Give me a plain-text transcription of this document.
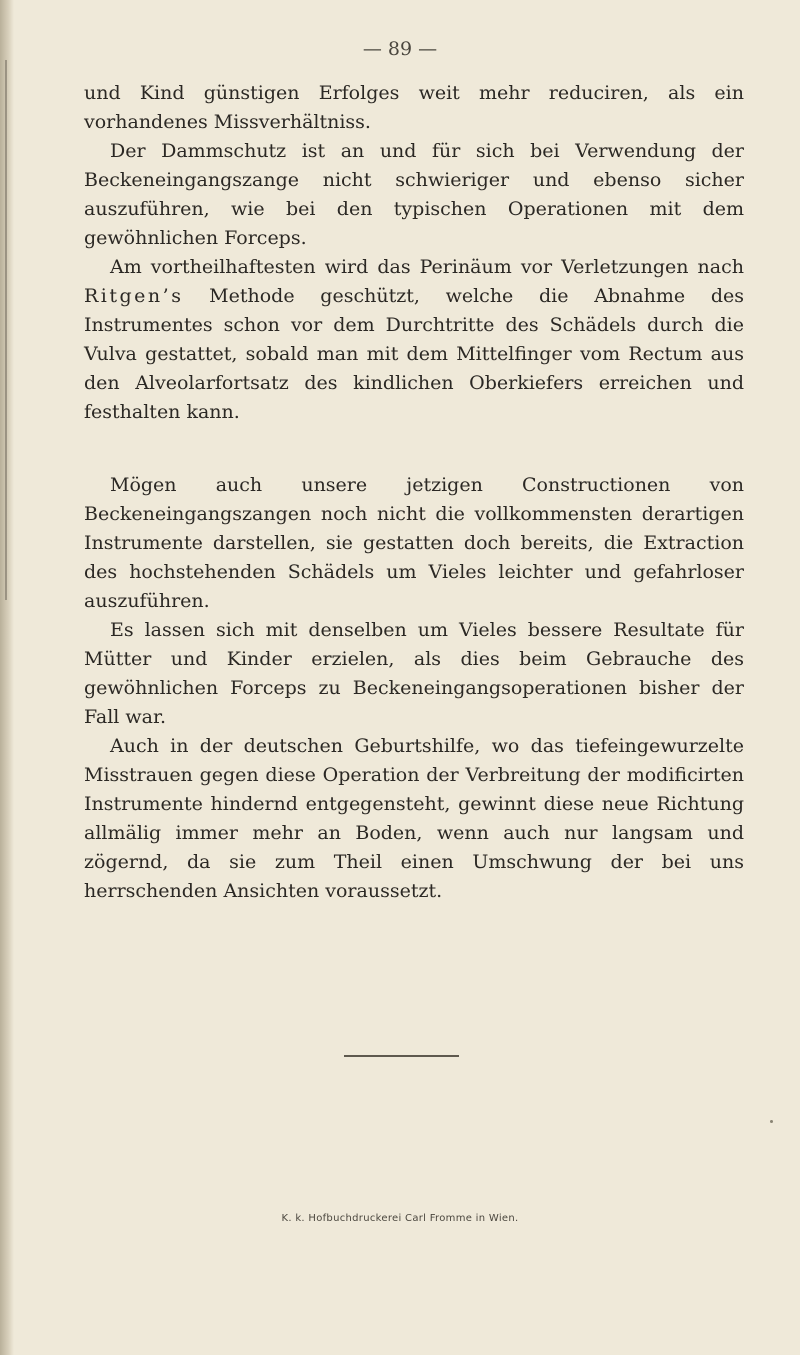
— 89 —

und Kind günstigen Erfolges weit mehr reduciren, als ein vorhandenes Missverhältniss.

Der Dammschutz ist an und für sich bei Verwendung der Beckeneingangszange nicht schwieriger und ebenso sicher auszuführen, wie bei den typischen Operationen mit dem gewöhnlichen Forceps.

Am vortheilhaftesten wird das Perinäum vor Verletzungen nach Ritgen’s Methode geschützt, welche die Abnahme des Instrumentes schon vor dem Durchtritte des Schädels durch die Vulva gestattet, sobald man mit dem Mittelfinger vom Rectum aus den Alveolarfortsatz des kindlichen Oberkiefers erreichen und festhalten kann.

Mögen auch unsere jetzigen Constructionen von Beckeneingangszangen noch nicht die vollkommensten derartigen Instrumente darstellen, sie gestatten doch bereits, die Extraction des hochstehenden Schädels um Vieles leichter und gefahrloser auszuführen.

Es lassen sich mit denselben um Vieles bessere Resultate für Mütter und Kinder erzielen, als dies beim Gebrauche des gewöhnlichen Forceps zu Beckeneingangsoperationen bisher der Fall war.

Auch in der deutschen Geburtshilfe, wo das tiefeingewurzelte Misstrauen gegen diese Operation der Verbreitung der modificirten Instrumente hindernd entgegensteht, gewinnt diese neue Richtung allmälig immer mehr an Boden, wenn auch nur langsam und zögernd, da sie zum Theil einen Umschwung der bei uns herrschenden Ansichten voraussetzt.

K. k. Hofbuchdruckerei Carl Fromme in Wien.
